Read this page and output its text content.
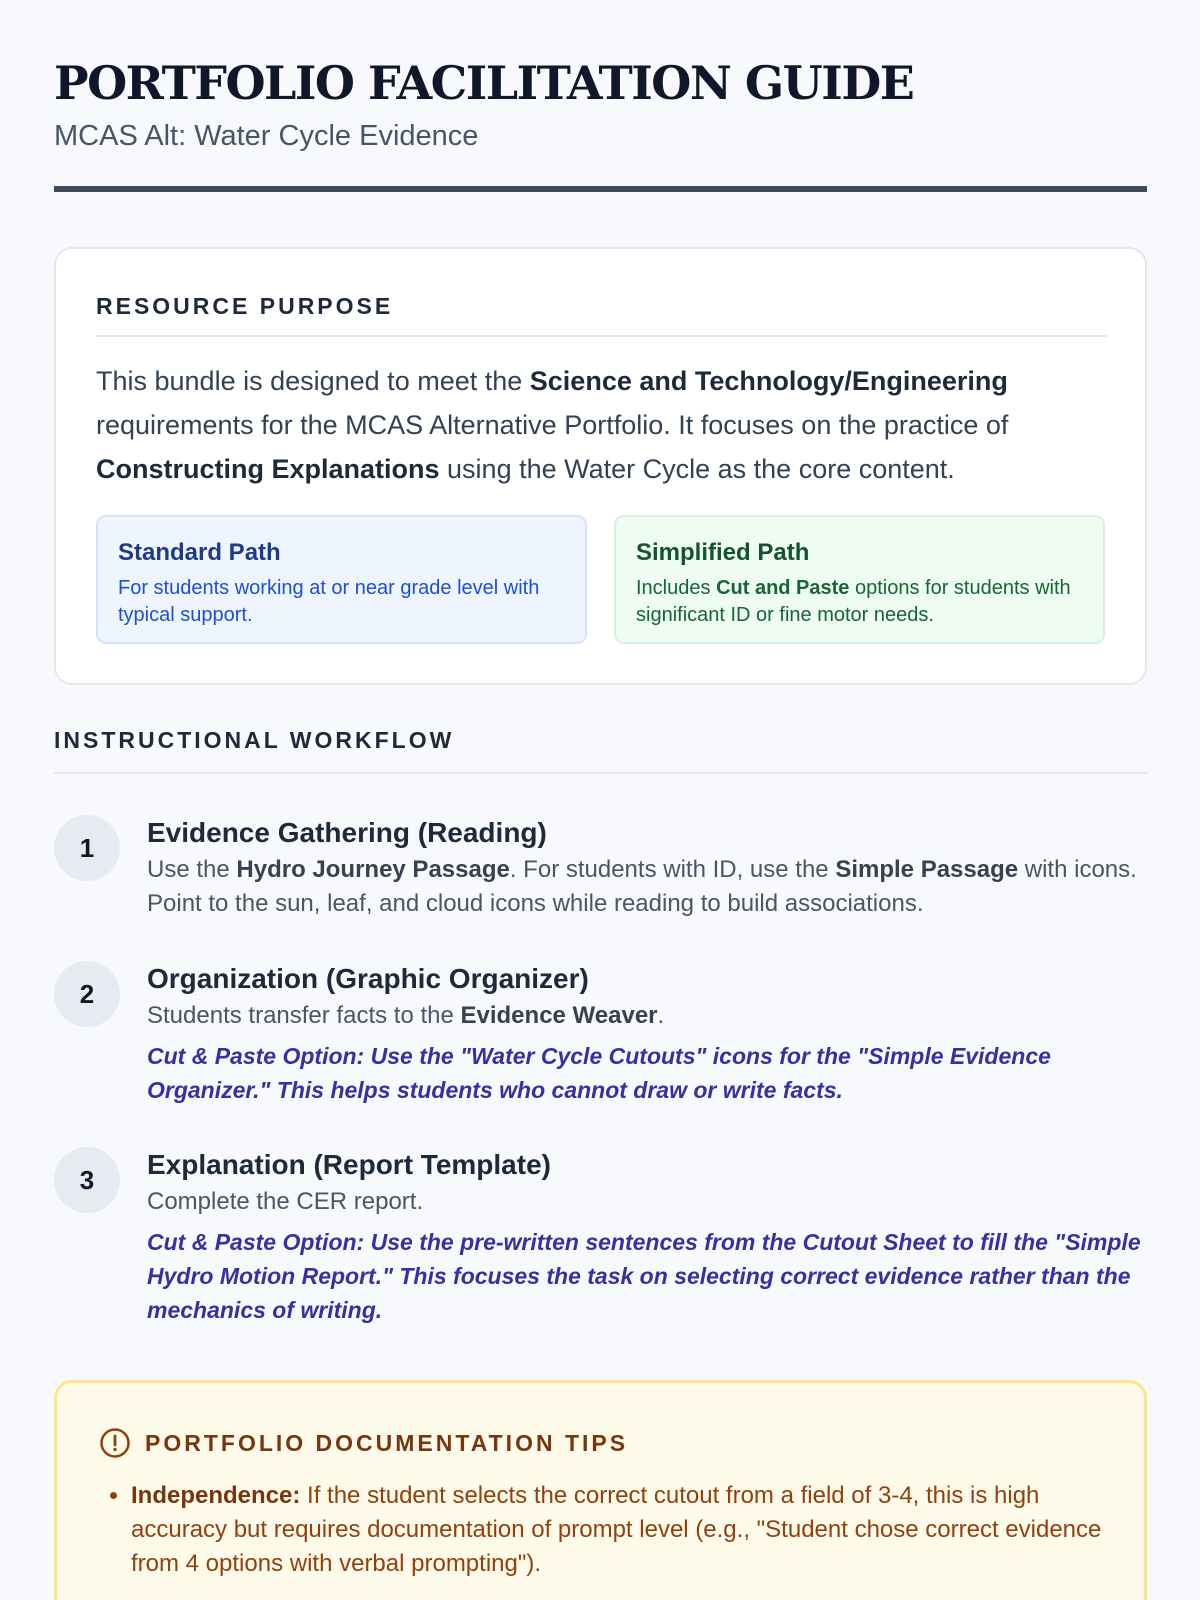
PORTFOLIO FACILITATION GUIDE
MCAS Alt: Water Cycle Evidence
RESOURCE PURPOSE

This bundle is designed to meet the Science and Technology/Engineering requirements for the MCAS Alternative Portfolio. It focuses on the practice of Constructing Explanations using the Water Cycle as the core content.

Standard Path
For students working at or near grade level with typical support.
Simplified Path
Includes Cut and Paste options for students with significant ID or fine motor needs.
INSTRUCTIONAL WORKFLOW
1	Evidence Gathering (Reading)
Use the Hydro Journey Passage. For students with ID, use the Simple Passage with icons. Point to the sun, leaf, and cloud icons while reading to build associations.
2	Organization (Graphic Organizer)
Students transfer facts to the Evidence Weaver.
Cut & Paste Option: Use the "Water Cycle Cutouts" icons for the "Simple Evidence Organizer." This helps students who cannot draw or write facts.
3	Explanation (Report Template)
Complete the CER report.
Cut & Paste Option: Use the pre-written sentences from the Cutout Sheet to fill the "Simple Hydro Motion Report." This focuses the task on selecting correct evidence rather than the mechanics of writing.
PORTFOLIO DOCUMENTATION TIPS
• Independence: If the student selects the correct cutout from a field of 3-4, this is high accuracy but requires documentation of prompt level (e.g., "Student chose correct evidence from 4 options with verbal prompting").
